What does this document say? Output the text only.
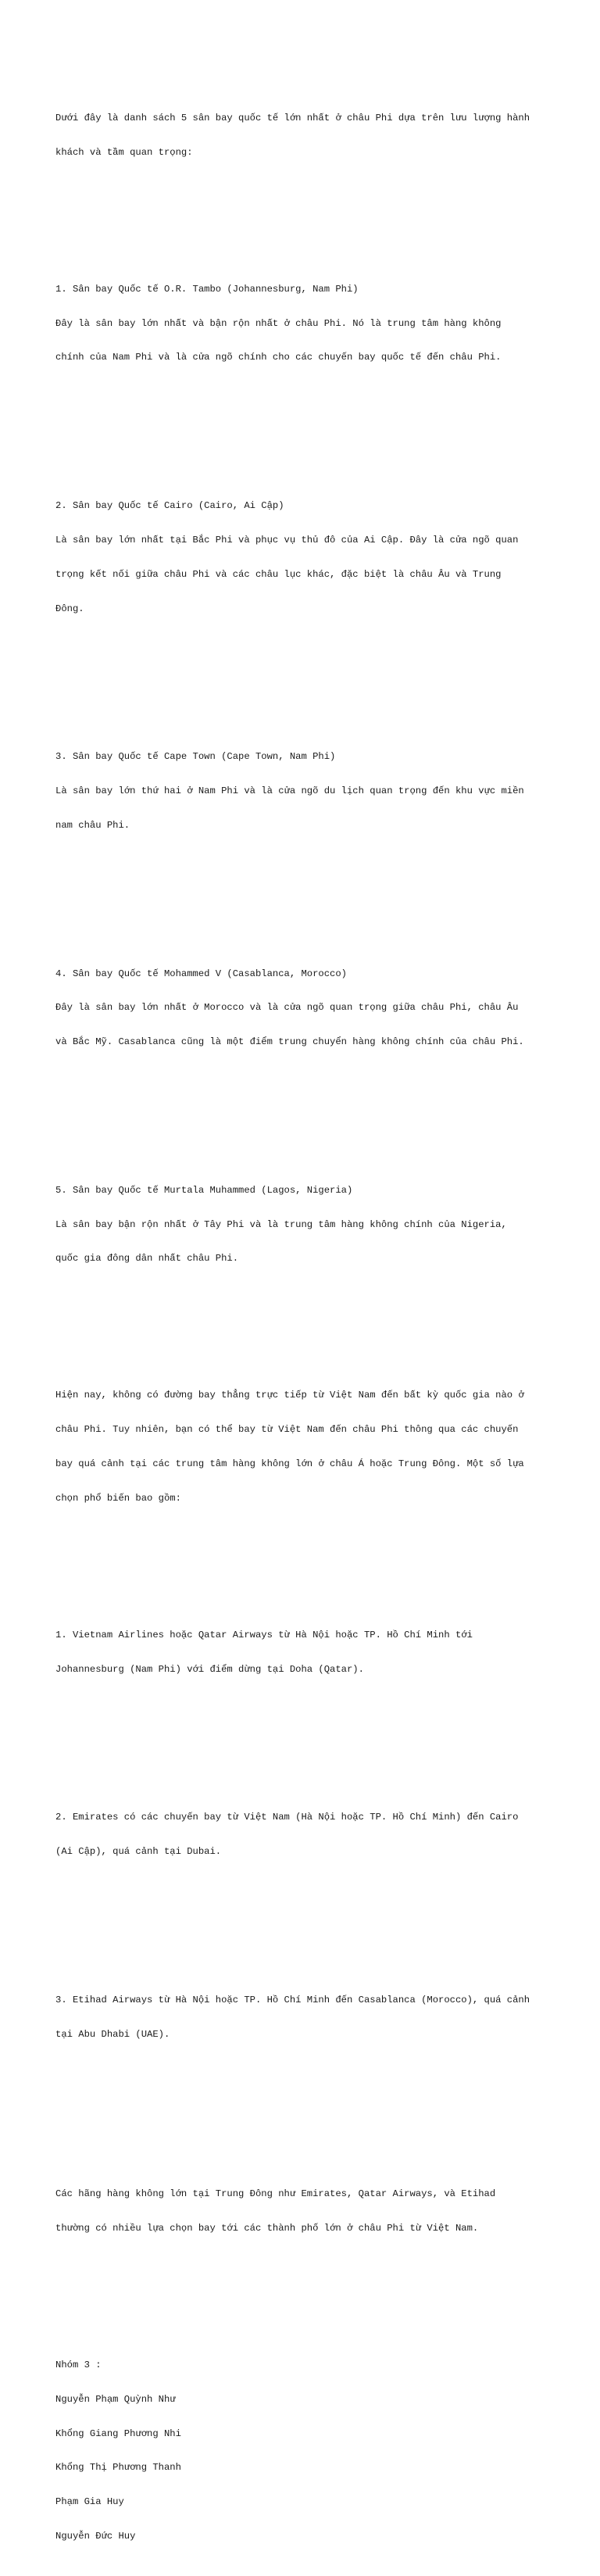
Dưới đây là danh sách 5 sân bay quốc tế lớn nhất ở châu Phi dựa trên lưu lượng hành

khách và tầm quan trọng:

1. Sân bay Quốc tế O.R. Tambo (Johannesburg, Nam Phi)

Đây là sân bay lớn nhất và bận rộn nhất ở châu Phi. Nó là trung tâm hàng không

chính của Nam Phi và là cửa ngõ chính cho các chuyến bay quốc tế đến châu Phi.

2. Sân bay Quốc tế Cairo (Cairo, Ai Cập)

Là sân bay lớn nhất tại Bắc Phi và phục vụ thủ đô của Ai Cập. Đây là cửa ngõ quan

trọng kết nối giữa châu Phi và các châu lục khác, đặc biệt là châu Âu và Trung

Đông.

3. Sân bay Quốc tế Cape Town (Cape Town, Nam Phi)

Là sân bay lớn thứ hai ở Nam Phi và là cửa ngõ du lịch quan trọng đến khu vực miền

nam châu Phi.

4. Sân bay Quốc tế Mohammed V (Casablanca, Morocco)

Đây là sân bay lớn nhất ở Morocco và là cửa ngõ quan trọng giữa châu Phi, châu Âu

và Bắc Mỹ. Casablanca cũng là một điểm trung chuyển hàng không chính của châu Phi.

5. Sân bay Quốc tế Murtala Muhammed (Lagos, Nigeria)

Là sân bay bận rộn nhất ở Tây Phi và là trung tâm hàng không chính của Nigeria,

quốc gia đông dân nhất châu Phi.

Hiện nay, không có đường bay thẳng trực tiếp từ Việt Nam đến bất kỳ quốc gia nào ở

châu Phi. Tuy nhiên, bạn có thể bay từ Việt Nam đến châu Phi thông qua các chuyến

bay quá cảnh tại các trung tâm hàng không lớn ở châu Á hoặc Trung Đông. Một số lựa

chọn phổ biến bao gồm:

1. Vietnam Airlines hoặc Qatar Airways từ Hà Nội hoặc TP. Hồ Chí Minh tới

Johannesburg (Nam Phi) với điểm dừng tại Doha (Qatar).

2. Emirates có các chuyến bay từ Việt Nam (Hà Nội hoặc TP. Hồ Chí Minh) đến Cairo

(Ai Cập), quá cảnh tại Dubai.

3. Etihad Airways từ Hà Nội hoặc TP. Hồ Chí Minh đến Casablanca (Morocco), quá cảnh

tại Abu Dhabi (UAE).

Các hãng hàng không lớn tại Trung Đông như Emirates, Qatar Airways, và Etihad

thường có nhiều lựa chọn bay tới các thành phố lớn ở châu Phi từ Việt Nam.

Nhóm 3 :

Nguyễn Phạm Quỳnh Như

Khổng Giang Phương Nhi

Khổng Thị Phương Thanh

Phạm Gia Huy

Nguyễn Đức Huy
